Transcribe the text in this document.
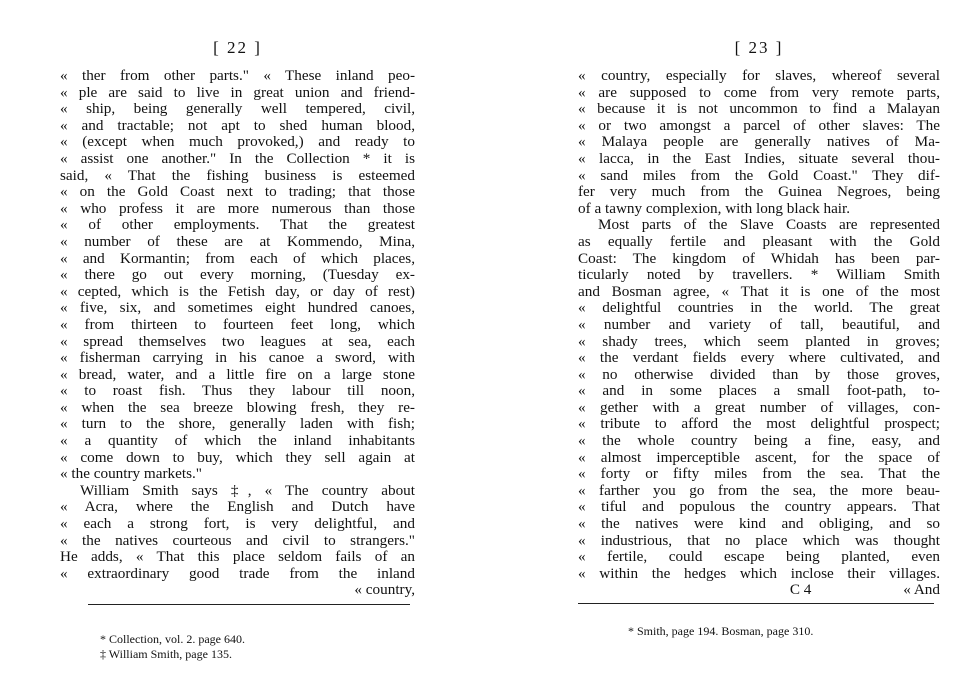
[ 22 ]
« ther from other parts." « These inland peo-
« ple are said to live in great union and friend-
« ship, being generally well tempered, civil,
« and tractable; not apt to shed human blood,
« (except when much provoked,) and ready to
« assist one another." In the Collection * it is
said, « That the fishing business is esteemed
« on the Gold Coast next to trading; that those
« who profess it are more numerous than those
« of other employments. That the greatest
« number of these are at Kommendo, Mina,
« and Kormantin; from each of which places,
« there go out every morning, (Tuesday ex-
« cepted, which is the Fetish day, or day of rest)
« five, six, and sometimes eight hundred canoes,
« from thirteen to fourteen feet long, which
« spread themselves two leagues at sea, each
« fisherman carrying in his canoe a sword, with
« bread, water, and a little fire on a large stone
« to roast fish. Thus they labour till noon,
« when the sea breeze blowing fresh, they re-
« turn to the shore, generally laden with fish;
« a quantity of which the inland inhabitants
« come down to buy, which they sell again at
« the country markets."
William Smith says ‡, « The country about
« Acra, where the English and Dutch have
« each a strong fort, is very delightful, and
« the natives courteous and civil to strangers."
He adds, « That this place seldom fails of an
« extraordinary good trade from the inland
« country,
* Collection, vol. 2. page 640.
‡ William Smith, page 135.
[ 23 ]
« country, especially for slaves, whereof several
« are supposed to come from very remote parts,
« because it is not uncommon to find a Malayan
« or two amongst a parcel of other slaves: The
« Malaya people are generally natives of Ma-
« lacca, in the East Indies, situate several thou-
« sand miles from the Gold Coast." They dif-
fer very much from the Guinea Negroes, being
of a tawny complexion, with long black hair.
Most parts of the Slave Coasts are represented
as equally fertile and pleasant with the Gold
Coast: The kingdom of Whidah has been par-
ticularly noted by travellers. * William Smith
and Bosman agree, « That it is one of the most
« delightful countries in the world. The great
« number and variety of tall, beautiful, and
« shady trees, which seem planted in groves;
« the verdant fields every where cultivated, and
« no otherwise divided than by those groves,
« and in some places a small foot-path, to-
« gether with a great number of villages, con-
« tribute to afford the most delightful prospect;
« the whole country being a fine, easy, and
« almost imperceptible ascent, for the space of
« forty or fifty miles from the sea. That the
« farther you go from the sea, the more beau-
« tiful and populous the country appears. That
« the natives were kind and obliging, and so
« industrious, that no place which was thought
« fertile, could escape being planted, even
« within the hedges which inclose their villages.
C 4	« And
* Smith, page 194. Bosman, page 310.
